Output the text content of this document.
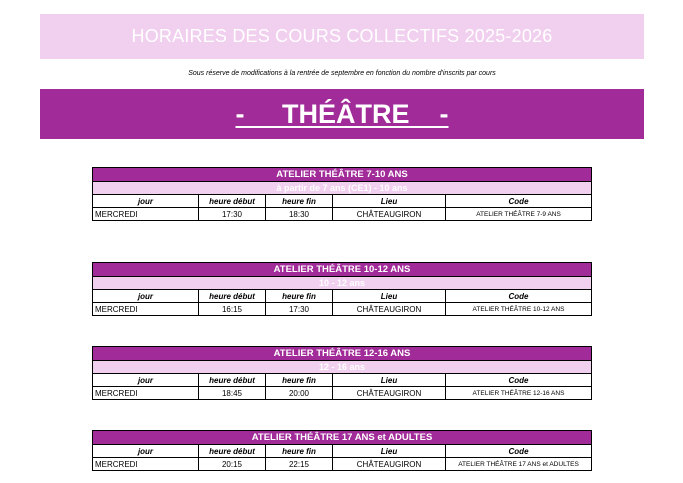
HORAIRES DES COURS COLLECTIFS 2025-2026
Sous réserve de modifications à la rentrée de septembre en fonction du nombre d'inscrits par cours
-     THÉÂTRE    -
ATELIER THÉÂTRE 7-10 ANS				
à partir de 7 ans (CE1) - 10 ans				
jour	heure début	heure fin	Lieu	Code
MERCREDI	17:30	18:30	CHÂTEAUGIRON	ATELIER THÉÂTRE 7-9 ANS
ATELIER THÉÂTRE 10-12 ANS				
10 - 12 ans				
jour	heure début	heure fin	Lieu	Code
MERCREDI	16:15	17:30	CHÂTEAUGIRON	ATELIER THÉÂTRE 10-12 ANS
ATELIER THÉÂTRE 12-16 ANS				
12 - 16 ans				
jour	heure début	heure fin	Lieu	Code
MERCREDI	18:45	20:00	CHÂTEAUGIRON	ATELIER THÉÂTRE 12-16 ANS
ATELIER THÉÂTRE 17 ANS et ADULTES				
jour	heure début	heure fin	Lieu	Code
MERCREDI	20:15	22:15	CHÂTEAUGIRON	ATELIER THÉÂTRE 17 ANS et ADULTES
